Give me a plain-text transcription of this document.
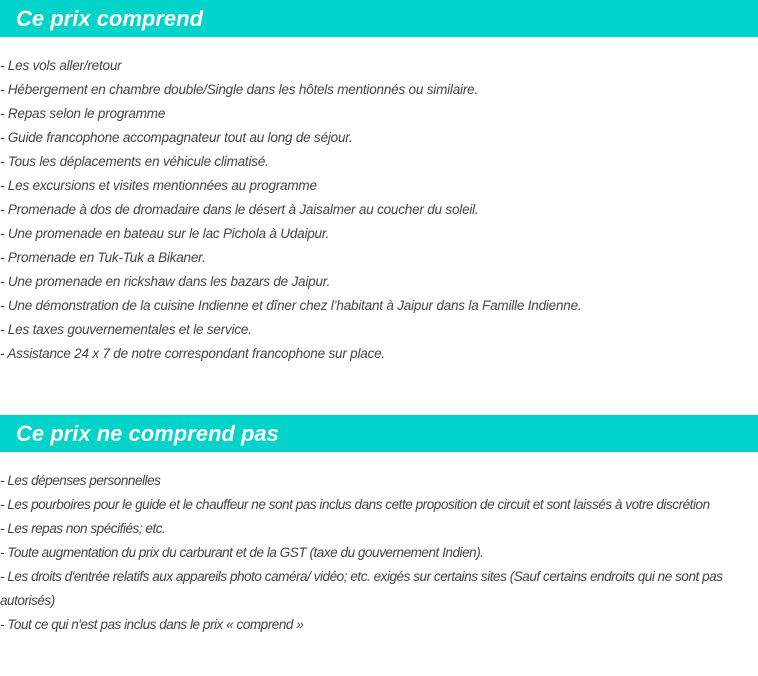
Ce prix comprend
- Les vols aller/retour
- Hébergement en chambre double/Single dans les hôtels mentionnés ou similaire.
- Repas selon le programme
- Guide francophone accompagnateur tout au long de séjour.
- Tous les déplacements en véhicule climatisé.
- Les excursions et visites mentionnées au programme
- Promenade à dos de dromadaire dans le désert à Jaisalmer au coucher du soleil.
- Une promenade en bateau sur le lac Pichola à Udaipur.
- Promenade en Tuk-Tuk a Bikaner.
- Une promenade en rickshaw dans les bazars de Jaipur.
- Une démonstration de la cuisine Indienne et dîner chez l’habitant à Jaipur dans la Famille Indienne.
- Les taxes gouvernementales et le service.
- Assistance 24 x 7 de notre correspondant francophone sur place.
Ce prix ne comprend pas
- Les dépenses personnelles
- Les pourboires pour le guide et le chauffeur ne sont pas inclus dans cette proposition de circuit et sont laissés à votre discrétion
- Les repas non spécifiés; etc.
- Toute augmentation du prix du carburant et de la GST (taxe du gouvernement Indien).
- Les droits d'entrée relatifs aux appareils photo caméra/ vidéo; etc. exigés sur certains sites (Sauf certains endroits qui ne sont pas autorisés)
- Tout ce qui n'est pas inclus dans le prix « comprend »
